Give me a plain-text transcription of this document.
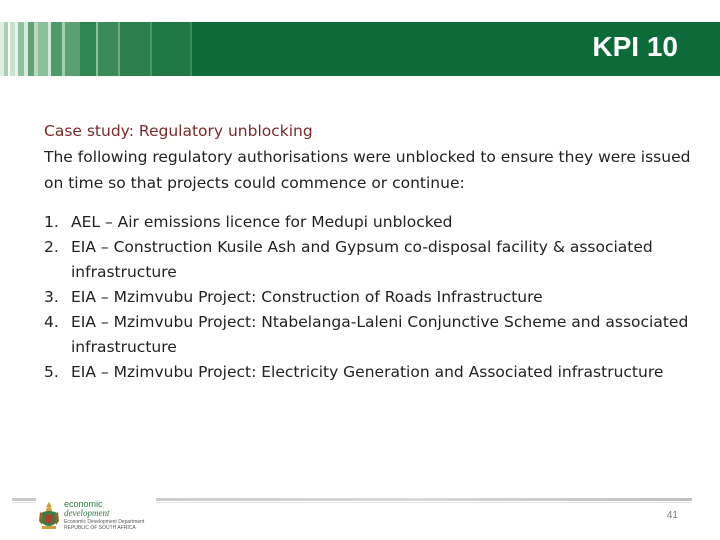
KPI 10
Case study: Regulatory unblocking
The following regulatory authorisations were unblocked to ensure they were issued on time so that projects could commence or continue:
1. AEL – Air emissions licence for Medupi unblocked
2. EIA – Construction Kusile Ash and Gypsum co-disposal facility & associated infrastructure
3. EIA – Mzimvubu Project: Construction of Roads Infrastructure
4. EIA – Mzimvubu Project: Ntabelanga-Laleni Conjunctive Scheme and associated infrastructure
5. EIA – Mzimvubu Project: Electricity Generation and Associated infrastructure
economic
development
Economic Development Department
REPUBLIC OF SOUTH AFRICA
41
